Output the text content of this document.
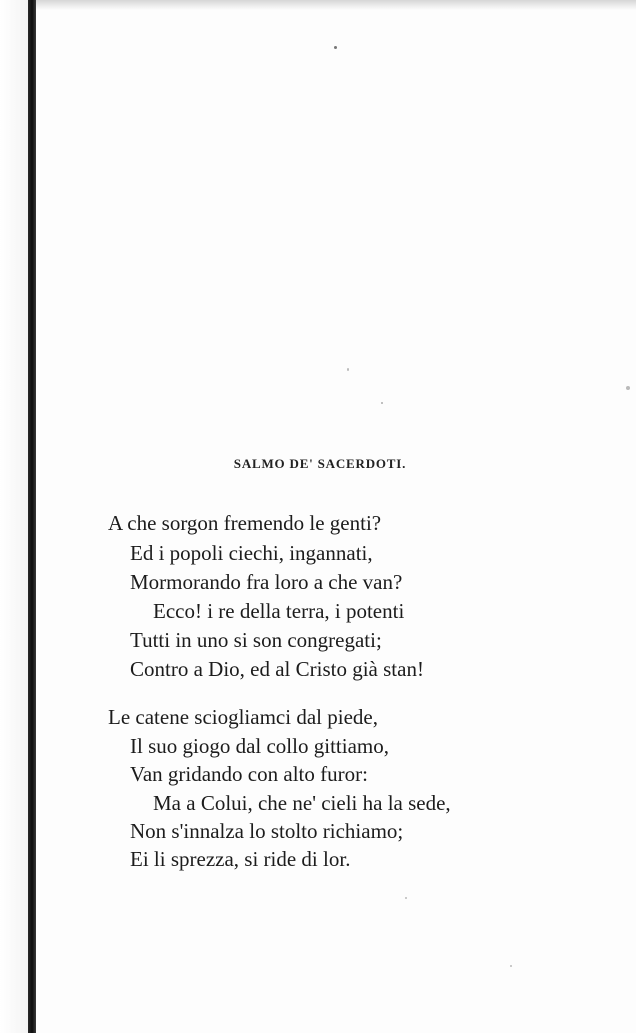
SALMO DE' SACERDOTI.
A che sorgon fremendo le genti?
Ed i popoli ciechi, ingannati,
Mormorando fra loro a che van?
Ecco! i re della terra, i potenti
Tutti in uno si son congregati;
Contro a Dio, ed al Cristo già stan!
Le catene sciogliamci dal piede,
Il suo giogo dal collo gittiamo,
Van gridando con alto furor:
Ma a Colui, che ne' cieli ha la sede,
Non s'innalza lo stolto richiamo;
Ei li sprezza, si ride di lor.
